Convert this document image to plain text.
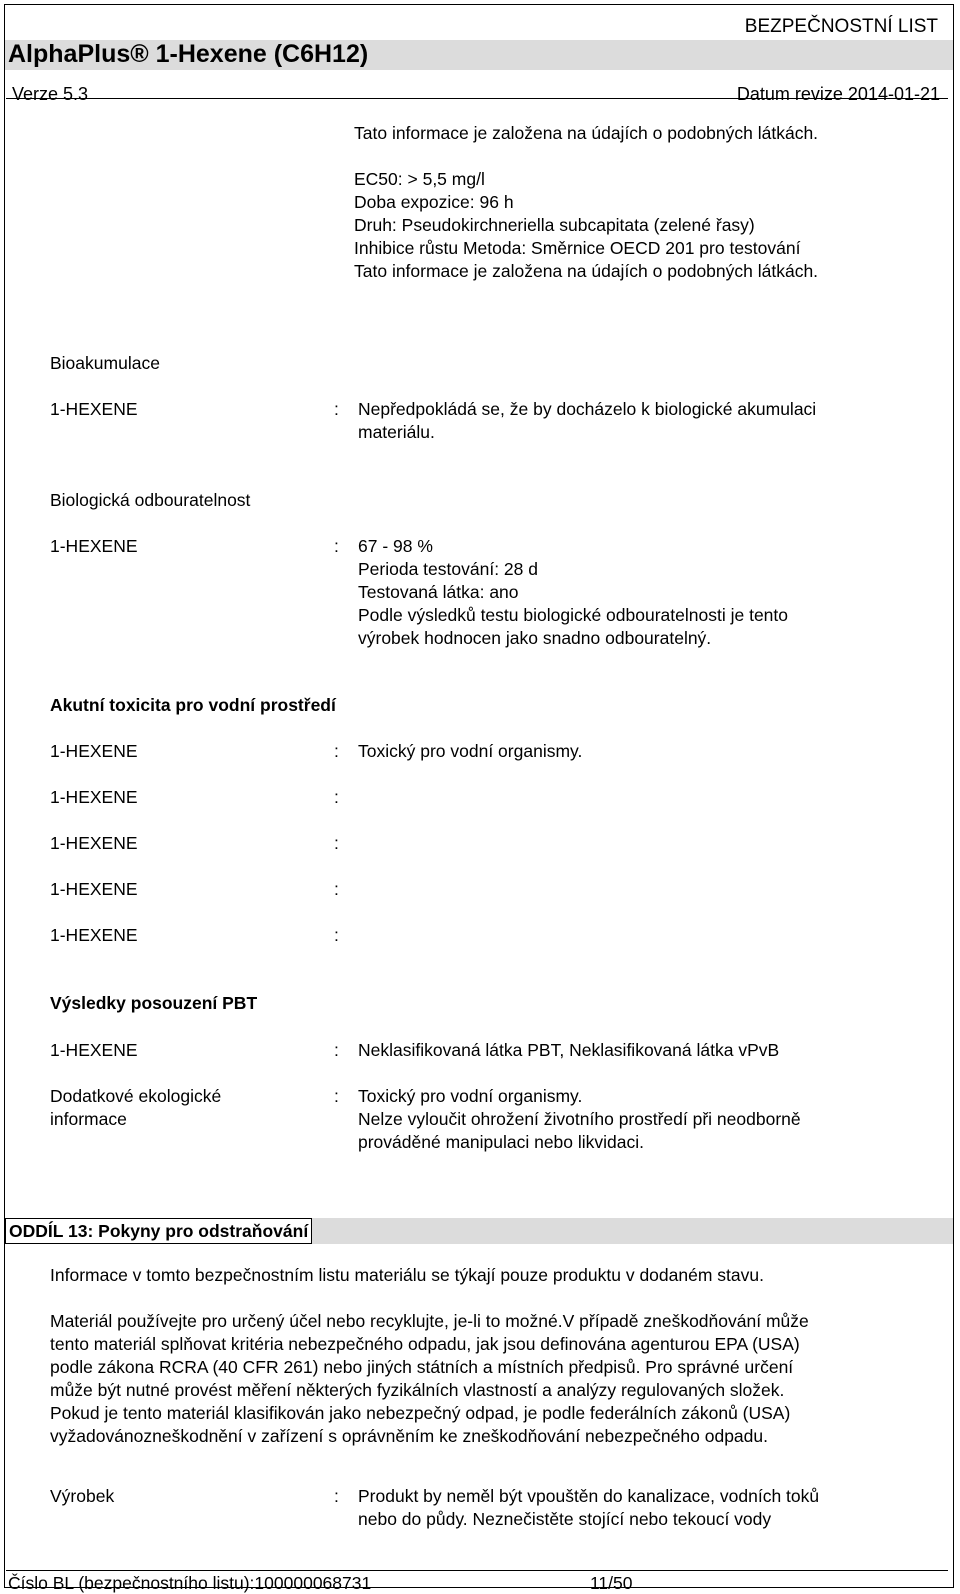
BEZPEČNOSTNÍ LIST
AlphaPlus® 1-Hexene (C6H12)
Verze 5.3	Datum revize 2014-01-21
Tato informace je založena na údajích o podobných látkách.
EC50: > 5,5 mg/l
Doba expozice: 96 h
Druh: Pseudokirchneriella subcapitata (zelené řasy)
Inhibice růstu Metoda: Směrnice OECD 201 pro testování
Tato informace je založena na údajích o podobných látkách.
Bioakumulace
1-HEXENE	: Nepředpokládá se, že by docházelo k biologické akumulaci
materiálu.
Biologická odbouratelnost
1-HEXENE	: 67 - 98 %
Perioda testování: 28 d
Testovaná látka: ano
Podle výsledků testu biologické odbouratelnosti je tento
výrobek hodnocen jako snadno odbouratelný.
Akutní toxicita pro vodní prostředí
1-HEXENE	: Toxický pro vodní organismy.
1-HEXENE	:
1-HEXENE	:
1-HEXENE	:
1-HEXENE	:
Výsledky posouzení PBT
1-HEXENE	: Neklasifikovaná látka PBT, Neklasifikovaná látka vPvB
Dodatkové ekologické
informace
: Toxický pro vodní organismy.
Nelze vyloučit ohrožení životního prostředí při neodborně
prováděné manipulaci nebo likvidaci.
ODDÍL 13: Pokyny pro odstraňování
Informace v tomto bezpečnostním listu materiálu se týkají pouze produktu v dodaném stavu.
Materiál používejte pro určený účel nebo recyklujte, je-li to možné.V případě zneškodňování může
tento materiál splňovat kritéria nebezpečného odpadu, jak jsou definována agenturou EPA (USA)
podle zákona RCRA (40 CFR 261) nebo jiných státních a místních předpisů. Pro správné určení
může být nutné provést měření některých fyzikálních vlastností a analýzy regulovaných složek.
Pokud je tento materiál klasifikován jako nebezpečný odpad, je podle federálních zákonů (USA)
vyžadovánozneškodnění v zařízení s oprávněním ke zneškodňování nebezpečného odpadu.
Výrobek	: Produkt by neměl být vpouštěn do kanalizace, vodních toků
nebo do půdy. Neznečistěte stojící nebo tekoucí vody
Číslo BL (bezpečnostního listu):100000068731	11/50
